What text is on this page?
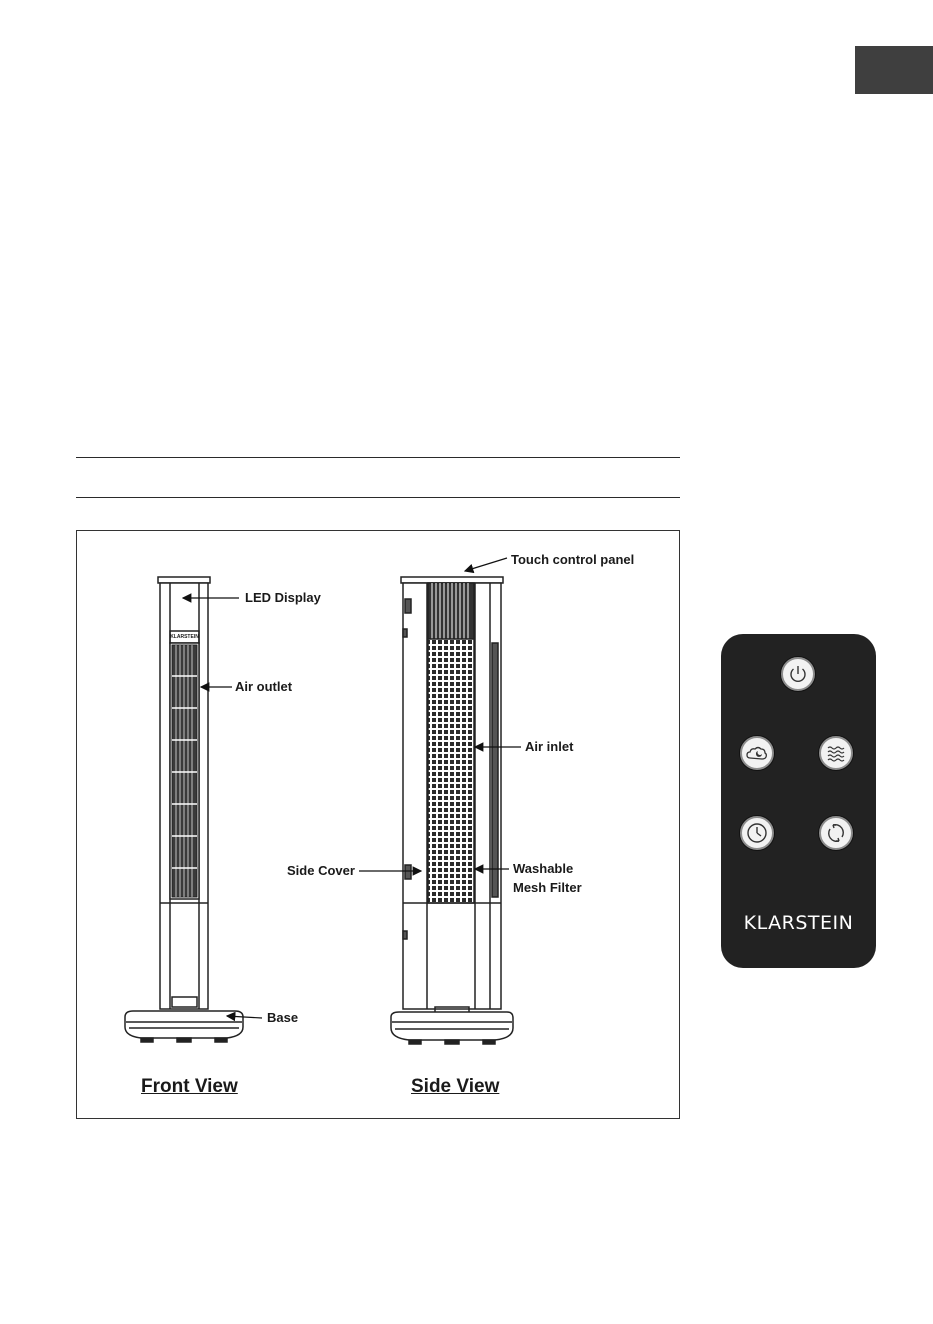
KLARSTEIN
LED Display
Air outlet
Base
Touch control panel
Air inlet
Side Cover	Washable
Mesh Filter
Front View	Side View
KLARSTEIN
